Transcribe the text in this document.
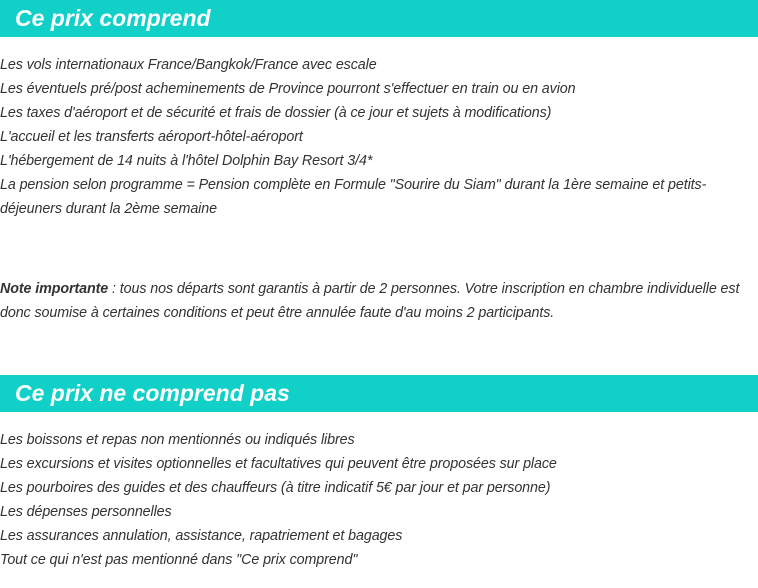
Ce prix comprend
Les vols internationaux France/Bangkok/France avec escale
Les éventuels pré/post acheminements de Province pourront s'effectuer en train ou en avion
Les taxes d'aéroport et de sécurité et frais de dossier (à ce jour et sujets à modifications)
L'accueil et les transferts aéroport-hôtel-aéroport
L'hébergement de 14 nuits à l'hôtel Dolphin Bay Resort 3/4*
La pension selon programme = Pension complète en Formule "Sourire du Siam" durant la 1ère semaine et petits-déjeuners durant la 2ème semaine

Note importante : tous nos départs sont garantis à partir de 2 personnes. Votre inscription en chambre individuelle est donc soumise à certaines conditions et peut être annulée faute d'au moins 2 participants.

Ce prix ne comprend pas
Les boissons et repas non mentionnés ou indiqués libres
Les excursions et visites optionnelles et facultatives qui peuvent être proposées sur place
Les pourboires des guides et des chauffeurs (à titre indicatif 5€ par jour et par personne)
Les dépenses personnelles
Les assurances annulation, assistance, rapatriement et bagages
Tout ce qui n'est pas mentionné dans "Ce prix comprend"
